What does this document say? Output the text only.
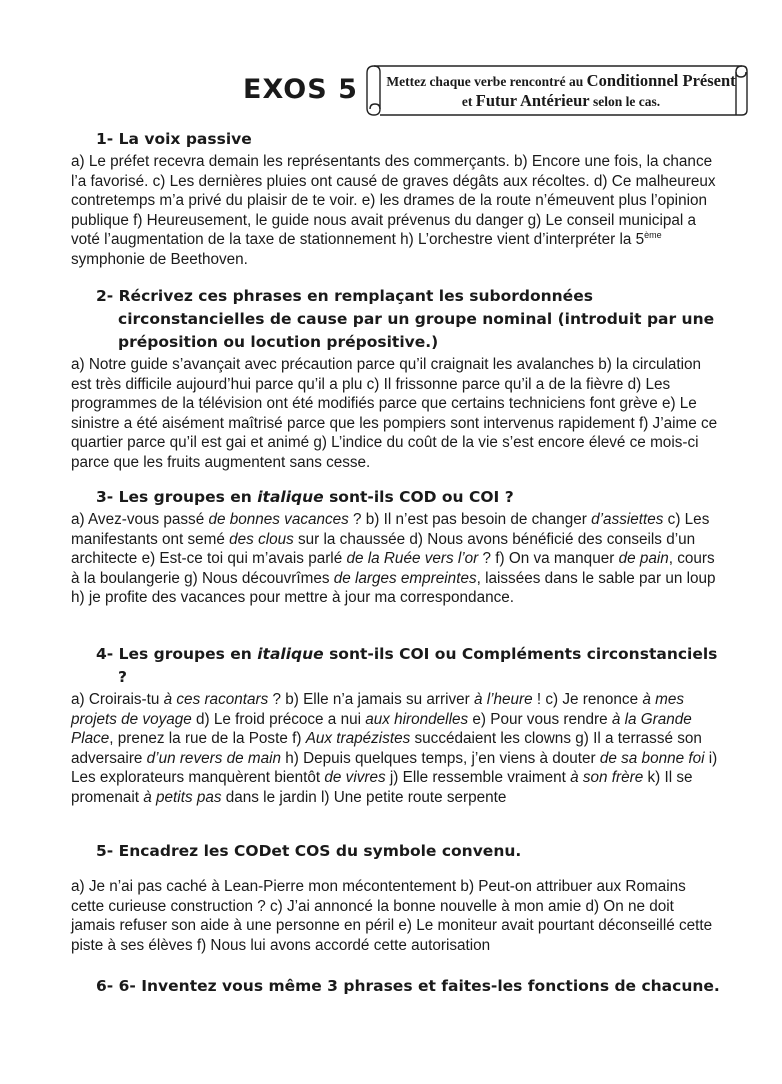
EXOS 5 Mettez chaque verbe rencontré au Conditionnel Présent
et Futur Antérieur selon le cas.
1- La voix passive

a) Le préfet recevra demain les représentants des commerçants. b) Encore une fois, la chance l’a favorisé. c) Les dernières pluies ont causé de graves dégâts aux récoltes. d) Ce malheureux contretemps m’a privé du plaisir de te voir. e) les drames de la route n’émeuvent plus l’opinion publique f) Heureusement, le guide nous avait prévenus du danger g) Le conseil municipal a voté l’augmentation de la taxe de stationnement h) L’orchestre vient d’interpréter la 5ème symphonie de Beethoven.

2- Récrivez ces phrases en remplaçant les subordonnées circonstancielles de cause par un groupe nominal (introduit par une préposition ou locution prépositive.)

a) Notre guide s’avançait avec précaution parce qu’il craignait les avalanches b) la circulation est très difficile aujourd’hui parce qu’il a plu c) Il frissonne parce qu’il a de la fièvre d) Les programmes de la télévision ont été modifiés parce que certains techniciens font grève e) Le sinistre a été aisément maîtrisé parce que les pompiers sont intervenus rapidement f) J’aime ce quartier parce qu’il est gai et animé g) L’indice du coût de la vie s’est encore élevé ce mois-ci parce que les fruits augmentent sans cesse.

3- Les groupes en italique sont-ils COD ou COI ?

a) Avez-vous passé de bonnes vacances ? b) Il n’est pas besoin de changer d’assiettes c) Les manifestants ont semé des clous sur la chaussée d) Nous avons bénéficié des conseils d’un architecte e) Est-ce toi qui m’avais parlé de la Ruée vers l’or ? f) On va manquer de pain, cours à la boulangerie g) Nous découvrîmes de larges empreintes, laissées dans le sable par un loup h) je profite des vacances pour mettre à jour ma correspondance.

4- Les groupes en italique sont-ils COI ou Compléments circonstanciels ?

a) Croirais-tu à ces racontars ? b) Elle n’a jamais su arriver à l’heure ! c) Je renonce à mes projets de voyage d) Le froid précoce a nui aux hirondelles e) Pour vous rendre à la Grande Place, prenez la rue de la Poste f) Aux trapézistes succédaient les clowns g) Il a terrassé son adversaire d’un revers de main h) Depuis quelques temps, j’en viens à douter de sa bonne foi i) Les explorateurs manquèrent bientôt de vivres j) Elle ressemble vraiment à son frère k) Il se promenait à petits pas dans le jardin l) Une petite route serpente

5- Encadrez les CODet COS du symbole convenu.

a) Je n’ai pas caché à Lean-Pierre mon mécontentement b) Peut-on attribuer aux Romains cette curieuse construction ? c) J’ai annoncé la bonne nouvelle à mon amie d) On ne doit jamais refuser son aide à une personne en péril e) Le moniteur avait pourtant déconseillé cette piste à ses élèves f) Nous lui avons accordé cette autorisation

6- 6- Inventez vous même 3 phrases et faites-les fonctions de chacune.
